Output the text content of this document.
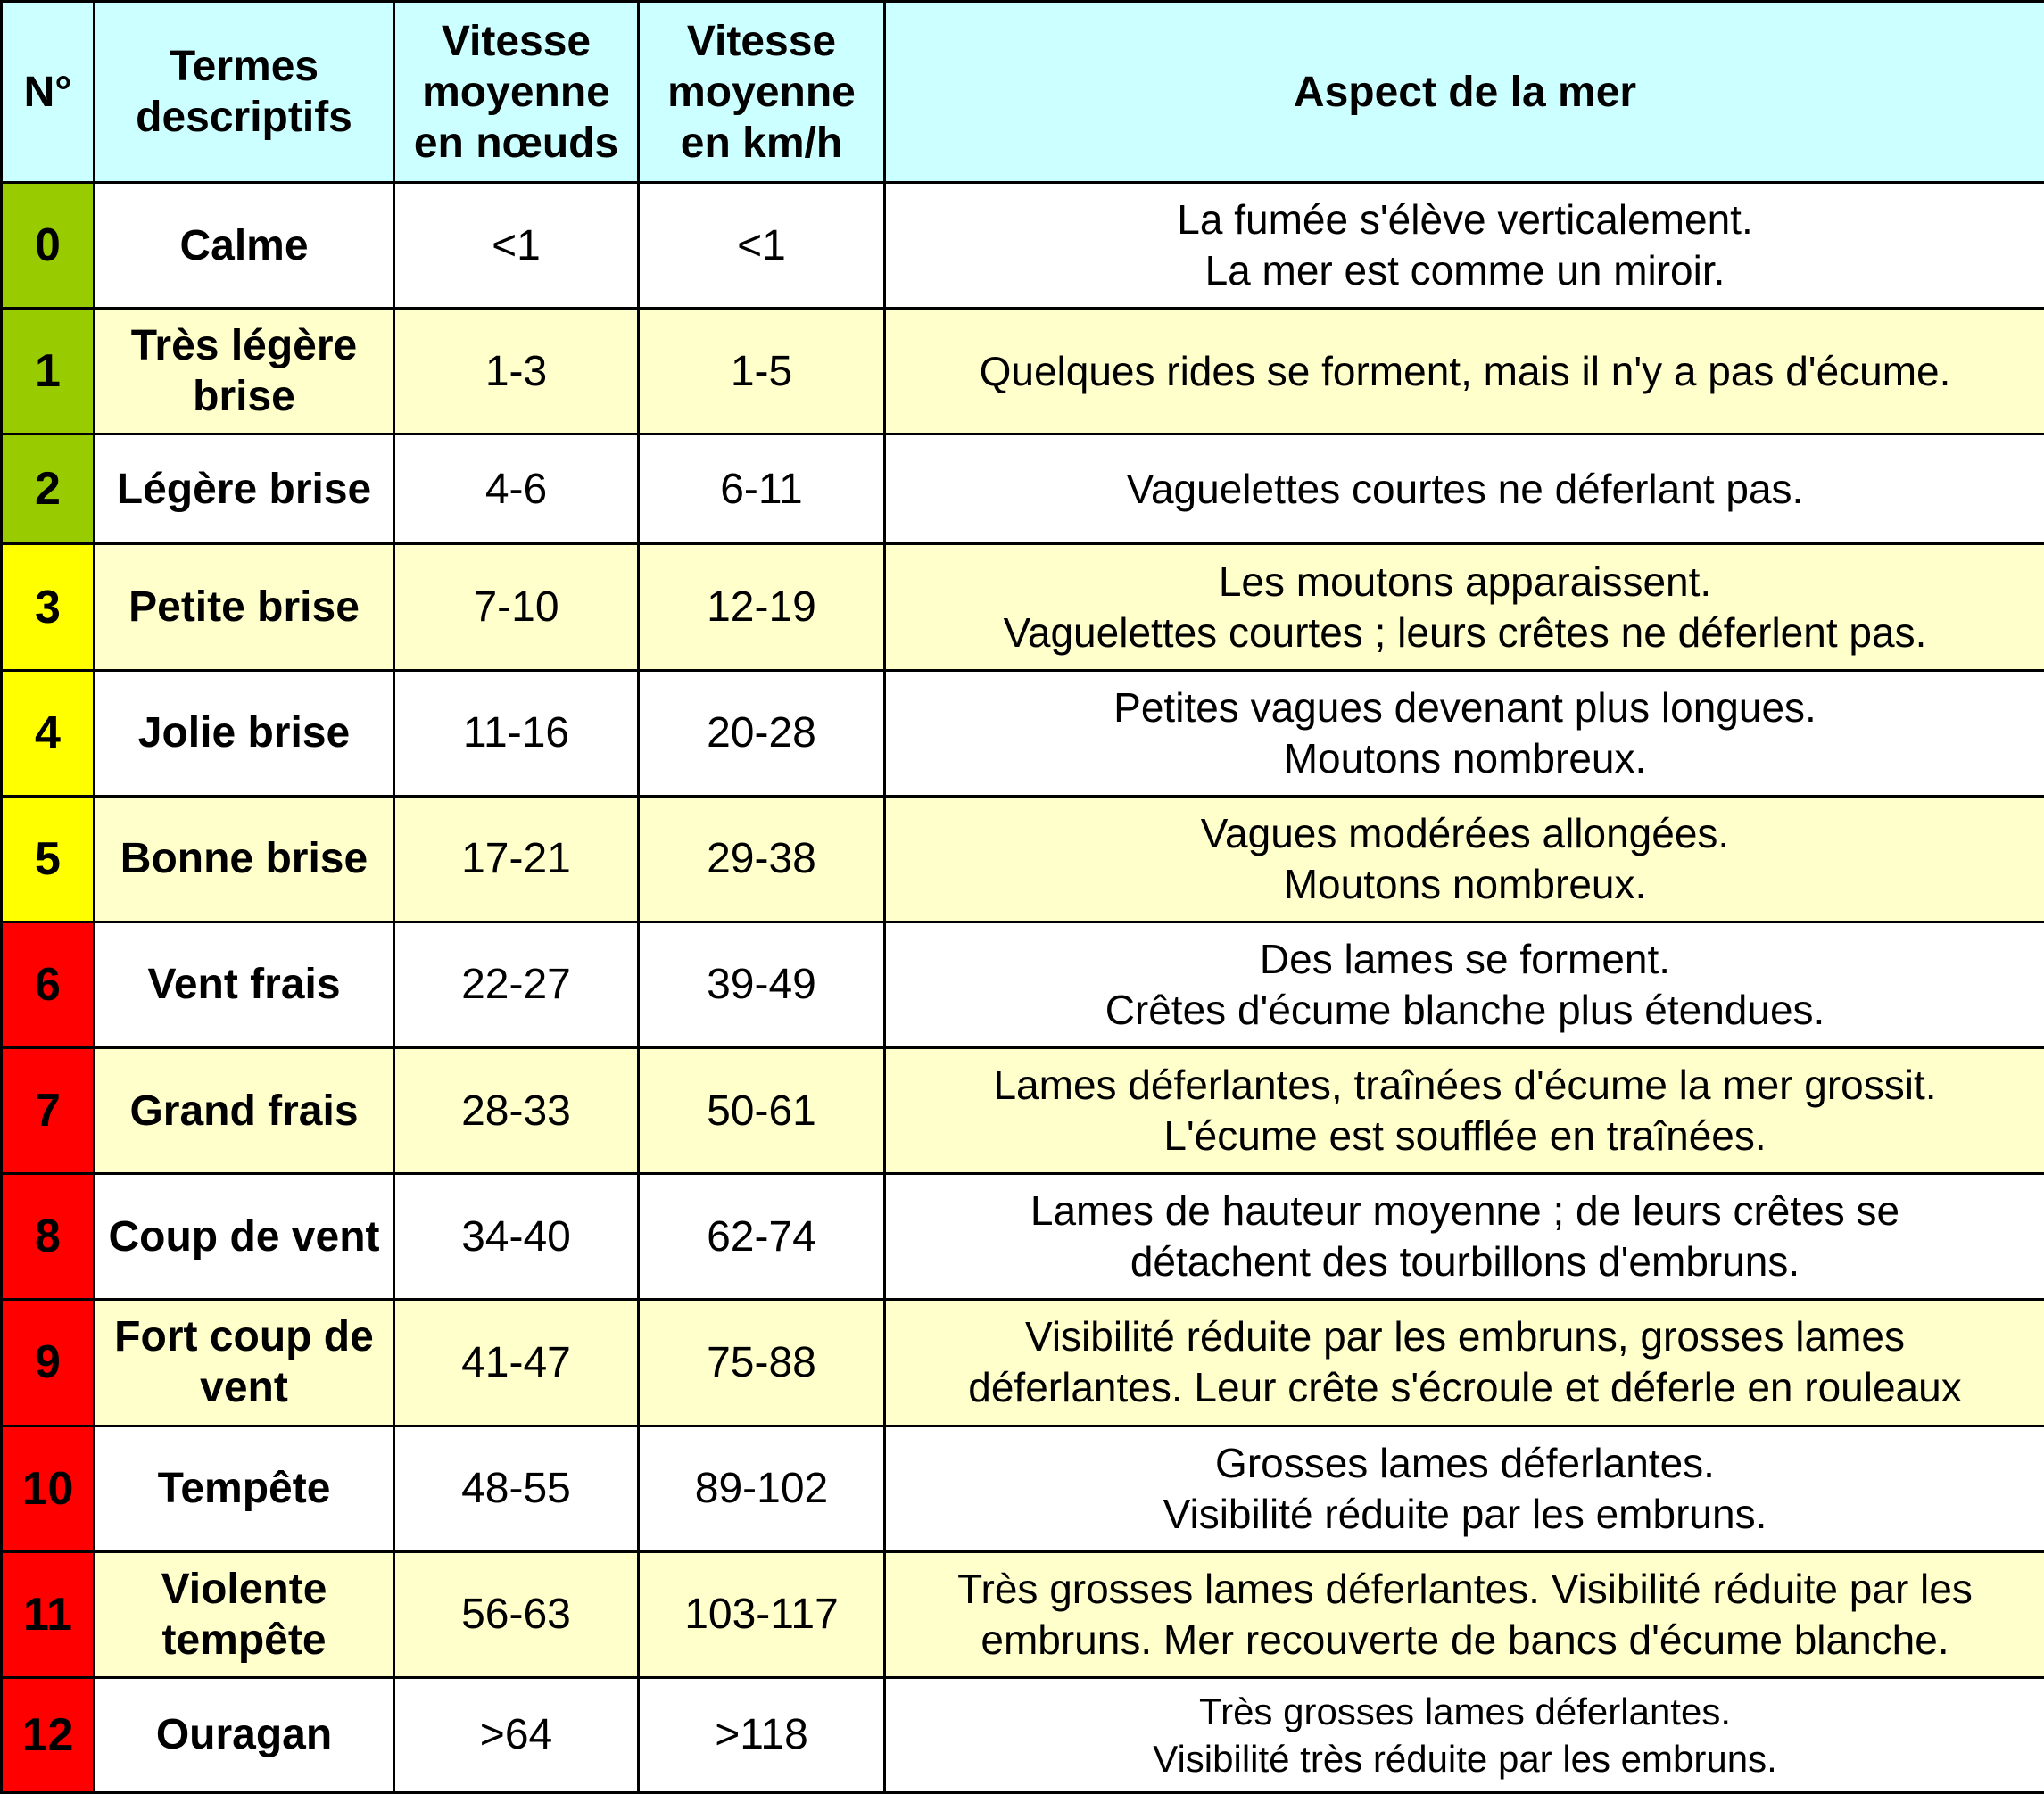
N°	Termes descriptifs	Vitesse moyenne en nœuds	Vitesse moyenne en km/h	Aspect de la mer
0	Calme	<1	<1	La fumée s'élève verticalement.
La mer est comme un miroir.
1	Très légère brise	1-3	1-5	Quelques rides se forment, mais il n'y a pas d'écume.
2	Légère brise	4-6	6-11	Vaguelettes courtes ne déferlant pas.
3	Petite brise	7-10	12-19	Les moutons apparaissent.
Vaguelettes courtes ; leurs crêtes ne déferlent pas.
4	Jolie brise	11-16	20-28	Petites vagues devenant plus longues.
Moutons nombreux.
5	Bonne brise	17-21	29-38	Vagues modérées allongées.
Moutons nombreux.
6	Vent frais	22-27	39-49	Des lames se forment.
Crêtes d'écume blanche plus étendues.
7	Grand frais	28-33	50-61	Lames déferlantes, traînées d'écume la mer grossit.
L'écume est soufflée en traînées.
8	Coup de vent	34-40	62-74	Lames de hauteur moyenne ; de leurs crêtes se
détachent des tourbillons d'embruns.
9	Fort coup de vent	41-47	75-88	Visibilité réduite par les embruns, grosses lames
déferlantes. Leur crête s'écroule et déferle en rouleaux
10	Tempête	48-55	89-102	Grosses lames déferlantes.
Visibilité réduite par les embruns.
11	Violente tempête	56-63	103-117	Très grosses lames déferlantes. Visibilité réduite par les
embruns. Mer recouverte de bancs d'écume blanche.
12	Ouragan	>64	>118	Très grosses lames déferlantes.
Visibilité très réduite par les embruns.
